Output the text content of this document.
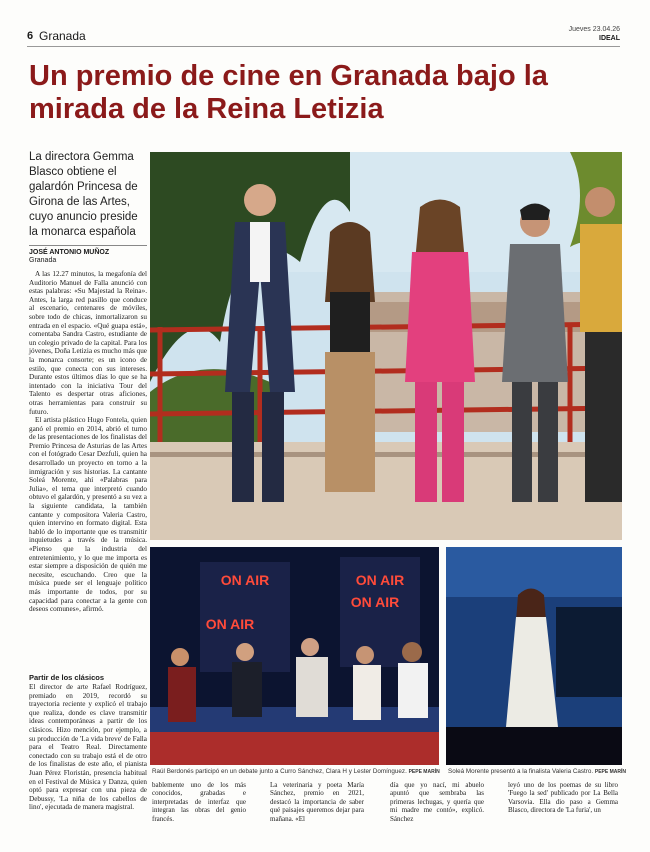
6 Granada	Jueves 23.04.26
IDEAL
Un premio de cine en Granada bajo la mirada de la Reina Letizia

La directora Gemma Blasco obtiene el galardón Princesa de Girona de las Artes, cuyo anuncio preside la monarca española

JOSÉ ANTONIO MUÑOZ
Granada

A las 12.27 minutos, la megafonía del Auditorio Manuel de Falla anunció con estas palabras: «Su Majestad la Reina». Antes, la larga red pasillo que conduce al escenario, centenares de móviles, sobre todo de chicas, inmortalizaron su entrada en el espacio. «Qué guapa está», comentaba Sandra Castro, estudiante de un colegio privado de la capital. Para los jóvenes, Doña Letizia es mucho más que la monarca consorte; es un icono de estilo, que conecta con sus intereses. Durante estos últimos días lo que se ha intentado con la iniciativa Tour del Talento es despertar otras aficiones, otras herramientas para construir su futuro.

El artista plástico Hugo Fontela, quien ganó el premio en 2014, abrió el turno de las presentaciones de los finalistas del Premio Princesa de Asturias de las Artes con el fotógrado Cesar Dezfuli, quien ha desarrollado un proyecto en torno a la inmigración y sus historias. La cantante Soleá Morente, ahí «Palabras para Julia», el tema que interpretó cuando obtuvo el galardón, y presentó a su vez a la siguiente candidata, la también cantante y compositora Valeria Castro, quien intervino en formato digital. Esta habló de lo importante que es transmitir inquietudes a través de la música. «Pienso que la industria del entretenimiento, y lo que me importa es estar siempre a disposición de quién me necesite, escuchando. Creo que la música puede ser el lenguaje político más importante de todos, por su capacidad para conectar a la gente con deseos comunes», afirmó.

Partir de los clásicos
El director de arte Rafael Rodríguez, premiado en 2019, recordó su trayectoria reciente y explicó el trabajo que realiza, donde es clave transmitir ideas contemporáneas a partir de los clásicos. Hizo mención, por ejemplo, a su producción de 'La vida breve' de Falla para el Teatro Real. Directamente conectado con su trabajo está el de otro de los finalistas de este año, el pianista Juan Pérez Floristán, presencia habitual en el Festival de Música y Danza, quien optó para expresar con una pieza de Debussy, 'La niña de los cabellos de lino', ejecutada de manera magistral.
ON AIR	ON AIR
ON AIR
ON AIR
Raúl Berdonés participó en un debate junto a Curro Sánchez, Clara H y Lester Domínguez. PEPE MARÍN Soleá Morente presentó a la finalista Valeria Castro. PEPE MARÍN

bablemente uno de los más conocidos, grabadas e interpretadas de interfaz que integran las obras del genio francés.

La veterinaria y poeta María Sánchez, premio en 2021, destacó la importancia de saber qué paisajes queremos dejar para mañana. «El

día que yo nací, mi abuelo apuntó que sembraba las primeras lechugas, y quería que mi madre me contó», explicó. Sánchez

leyó uno de los poemas de su libro 'Fuego la sed' publicado por La Bella Varsovia. Ella dio paso a Gemma Blasco, directora de 'La furia', un
